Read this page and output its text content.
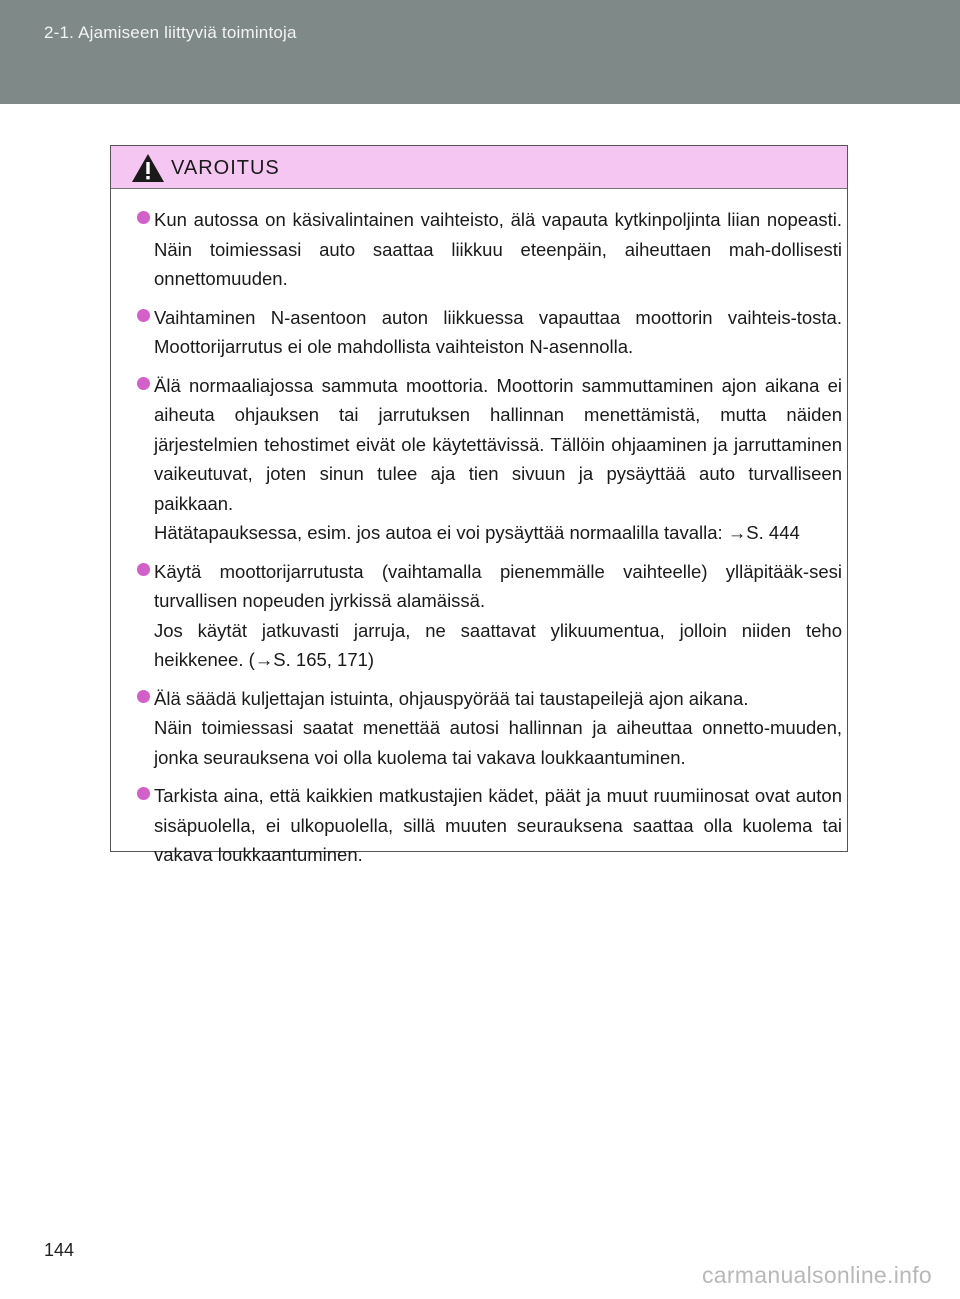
2-1. Ajamiseen liittyviä toimintoja
VAROITUS
Kun autossa on käsivalintainen vaihteisto, älä vapauta kytkinpoljinta liian nopeasti. Näin toimiessasi auto saattaa liikkuu eteenpäin, aiheuttaen mah-dollisesti onnettomuuden.
Vaihtaminen N-asentoon auton liikkuessa vapauttaa moottorin vaihteis-tosta. Moottorijarrutus ei ole mahdollista vaihteiston N-asennolla.
Älä normaaliajossa sammuta moottoria. Moottorin sammuttaminen ajon aikana ei aiheuta ohjauksen tai jarrutuksen hallinnan menettämistä, mutta näiden järjestelmien tehostimet eivät ole käytettävissä. Tällöin ohjaaminen ja jarruttaminen vaikeutuvat, joten sinun tulee aja tien sivuun ja pysäyttää auto turvalliseen paikkaan.
Hätätapauksessa, esim. jos autoa ei voi pysäyttää normaalilla tavalla: →S. 444
Käytä moottorijarrutusta (vaihtamalla pienemmälle vaihteelle) ylläpitääk-sesi turvallisen nopeuden jyrkissä alamäissä.
Jos käytät jatkuvasti jarruja, ne saattavat ylikuumentua, jolloin niiden teho heikkenee. (→S. 165, 171)
Älä säädä kuljettajan istuinta, ohjauspyörää tai taustapeilejä ajon aikana.
Näin toimiessasi saatat menettää autosi hallinnan ja aiheuttaa onnetto-muuden, jonka seurauksena voi olla kuolema tai vakava loukkaantuminen.
Tarkista aina, että kaikkien matkustajien kädet, päät ja muut ruumiinosat ovat auton sisäpuolella, ei ulkopuolella, sillä muuten seurauksena saattaa olla kuolema tai vakava loukkaantuminen.
144
carmanualsonline.info
